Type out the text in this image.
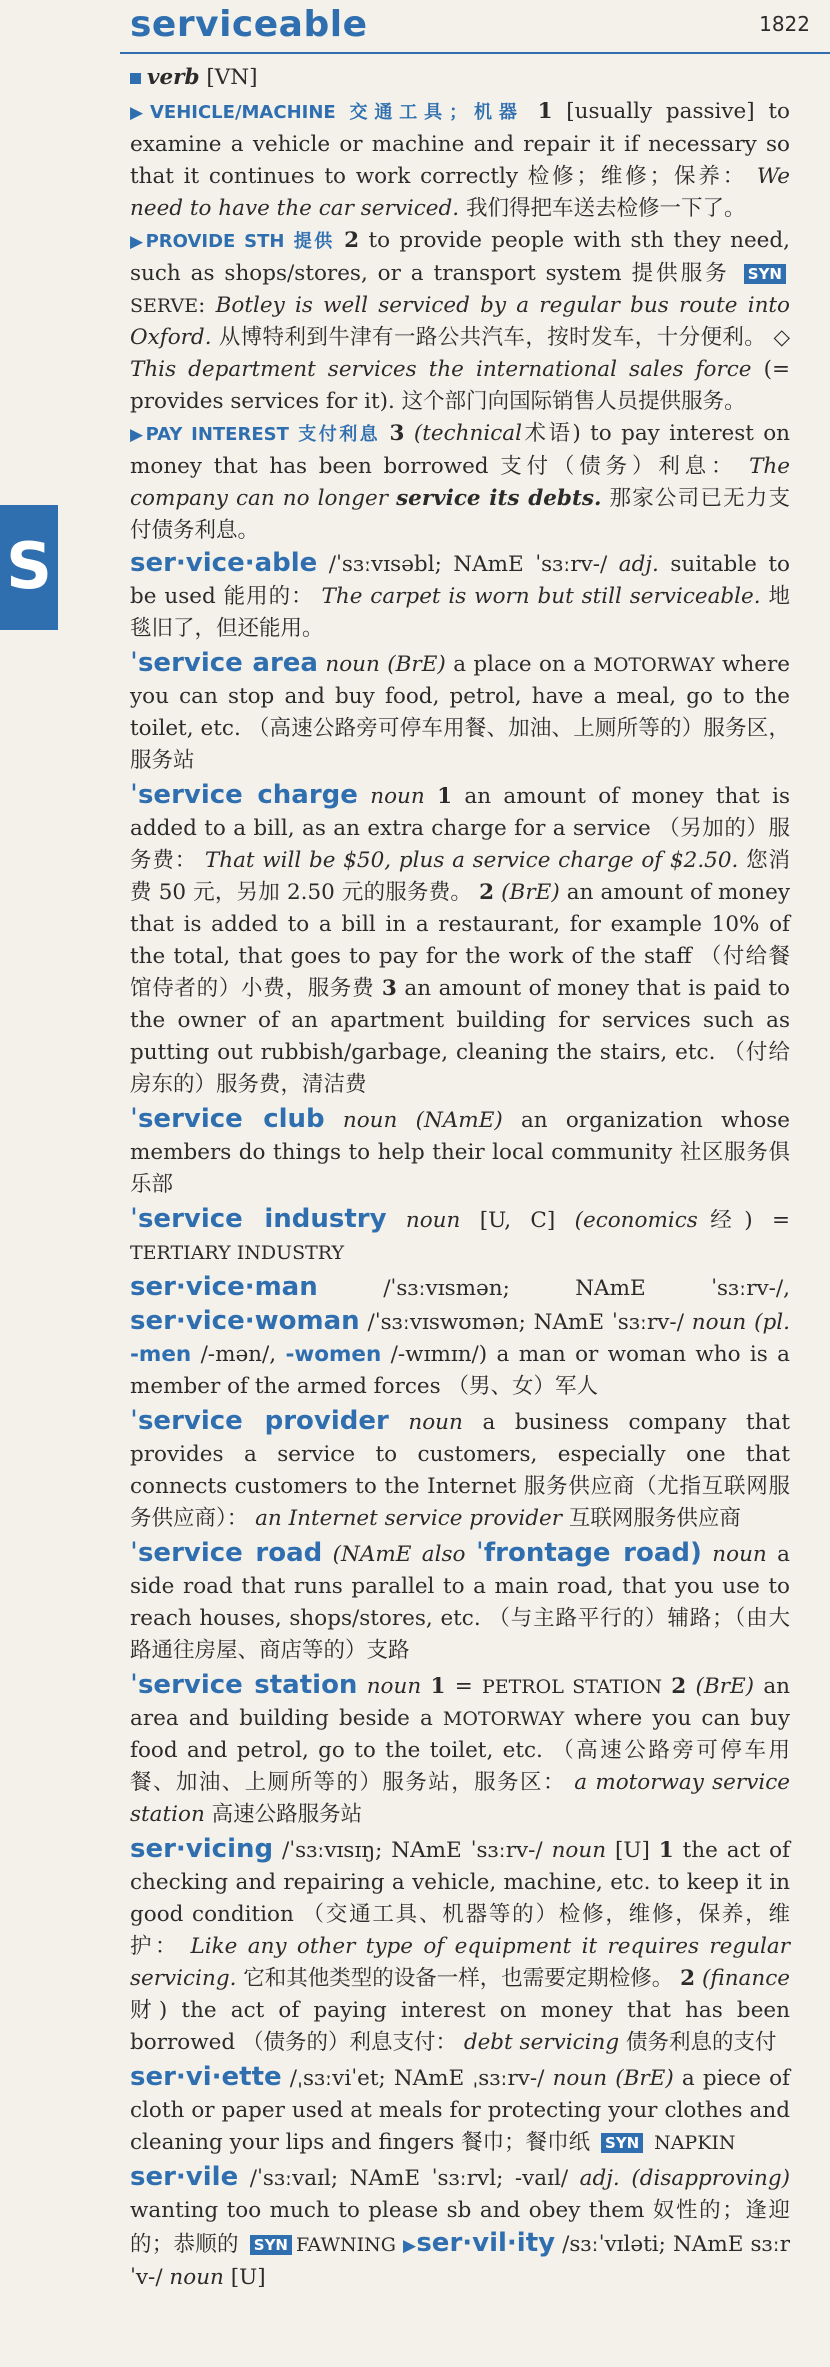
serviceable	1822
S

verb [VN]

▶VEHICLE/MACHINE 交通工具；机器 1 [usually passive] to examine a vehicle or machine and repair it if necessary so that it continues to work correctly 检修；维修；保养： We need to have the car serviced. 我们得把车送去检修一下了。

▶PROVIDE STH 提供 2 to provide people with sth they need, such as shops/stores, or a transport system 提供服务 SYNSERVE: Botley is well serviced by a regular bus route into Oxford. 从博特利到牛津有一路公共汽车，按时发车，十分便利。 ◇ This department services the international sales force (= provides services for it). 这个部门向国际销售人员提供服务。

▶PAY INTEREST 支付利息 3 (technical术语) to pay interest on money that has been borrowed 支付（债务）利息： The company can no longer service its debts. 那家公司已无力支付债务利息。

ser·vice·able /ˈsɜːvɪsəbl; NAmE ˈsɜːrv-/ adj. suitable to be used 能用的： The carpet is worn but still serviceable. 地毯旧了，但还能用。

ˈservice area noun (BrE) a place on a MOTORWAY where you can stop and buy food, petrol, have a meal, go to the toilet, etc. （高速公路旁可停车用餐、加油、上厕所等的）服务区，服务站

ˈservice charge noun 1 an amount of money that is added to a bill, as an extra charge for a service （另加的）服务费： That will be $50, plus a service charge of $2.50. 您消费 50 元，另加 2.50 元的服务费。 2 (BrE) an amount of money that is added to a bill in a restaurant, for example 10% of the total, that goes to pay for the work of the staff （付给餐馆侍者的）小费，服务费 3 an amount of money that is paid to the owner of an apartment building for services such as putting out rubbish/garbage, cleaning the stairs, etc. （付给房东的）服务费，清洁费

ˈservice club noun (NAmE) an organization whose members do things to help their local community 社区服务俱乐部

ˈservice industry noun [U, C] (economics经) = TERTIARY INDUSTRY

ser·vice·man	/ˈsɜːvɪsmən; NAmE ˈsɜːrv-/, ser·vice·woman /ˈsɜːvɪswʊmən; NAmE ˈsɜːrv-/ noun (pl. -men /-mən/, -women /-wɪmɪn/) a man or woman who is a member of the armed forces （男、女）军人

ˈservice provider noun a business company that provides a service to customers, especially one that connects customers to the Internet 服务供应商（尤指互联网服务供应商）： an Internet service provider 互联网服务供应商

ˈservice road (NAmE also ˈfrontage road) noun a side road that runs parallel to a main road, that you use to reach houses, shops/stores, etc. （与主路平行的）辅路；（由大路通往房屋、商店等的）支路

ˈservice station noun 1 = PETROL STATION 2 (BrE) an area and building beside a MOTORWAY where you can buy food and petrol, go to the toilet, etc. （高速公路旁可停车用餐、加油、上厕所等的）服务站，服务区： a motorway service station 高速公路服务站

ser·vicing /ˈsɜːvɪsɪŋ; NAmE ˈsɜːrv-/ noun [U] 1 the act of checking and repairing a vehicle, machine, etc. to keep it in good condition （交通工具、机器等的）检修，维修，保养，维护： Like any other type of equipment it requires regular servicing. 它和其他类型的设备一样，也需要定期检修。 2 (finance财) the act of paying interest on money that has been borrowed （债务的）利息支付： debt servicing 债务利息的支付

ser·vi·ette /ˌsɜːviˈet; NAmE ˌsɜːrv-/ noun (BrE) a piece of cloth or paper used at meals for protecting your clothes and cleaning your lips and fingers 餐巾；餐巾纸 SYN NAPKIN

ser·vile /ˈsɜːvaɪl; NAmE ˈsɜːrvl; -vaɪl/ adj. (disapproving) wanting too much to please sb and obey them 奴性的；逢迎的；恭顺的 SYN FAWNING ▶ser·vil·ity /sɜːˈvɪləti; NAmE sɜːrˈv-/ noun [U]
